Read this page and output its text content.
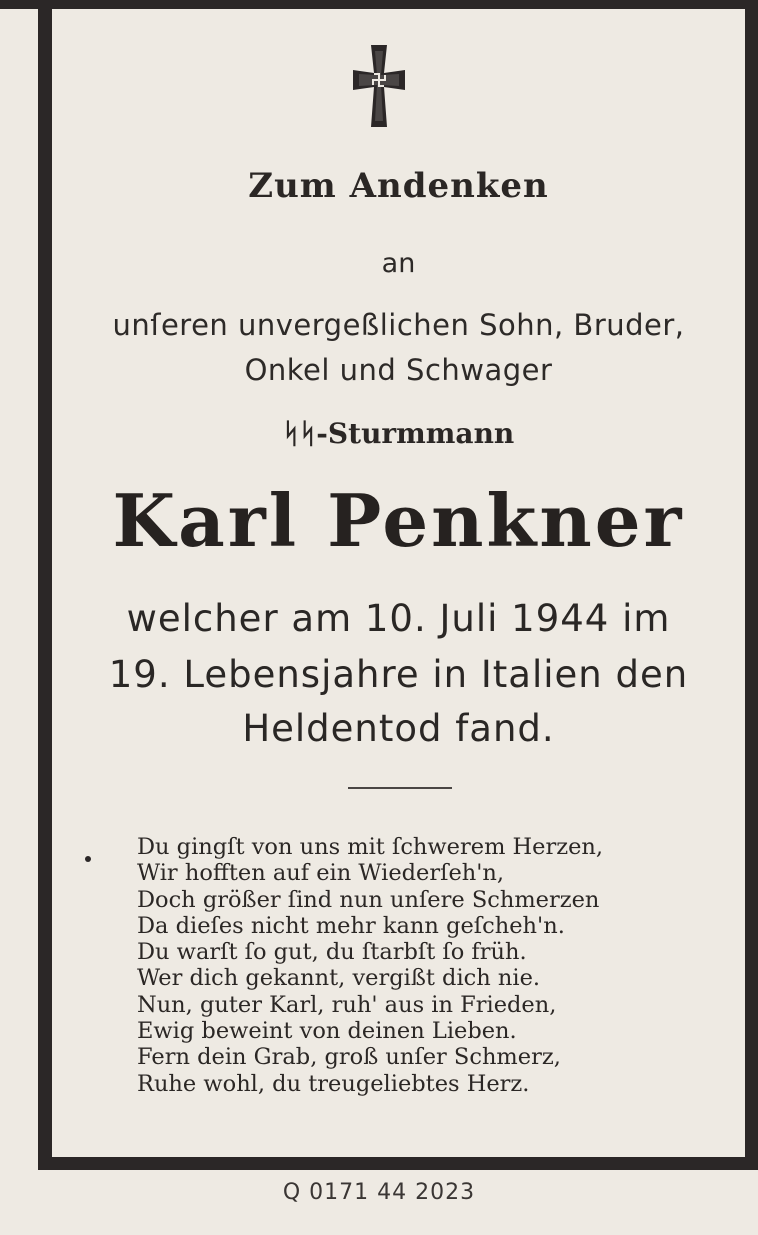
Zum Andenken
an
unſeren unvergeßlichen Sohn, Bruder,
Onkel und Schwager
ᛋᛋ-Sturmmann
Karl Penkner
welcher am 10. Juli 1944 im
19. Lebensjahre in Italien den
Heldentod fand.
Du gingſt von uns mit ſchwerem Herzen,
Wir hofften auf ein Wiederſeh'n,
Doch größer ſind nun unſere Schmerzen
Da dieſes nicht mehr kann geſcheh'n.
Du warſt ſo gut, du ſtarbſt ſo früh.
Wer dich gekannt, vergißt dich nie.
Nun, guter Karl, ruh' aus in Frieden,
Ewig beweint von deinen Lieben.
Fern dein Grab, groß unſer Schmerz,
Ruhe wohl, du treugeliebtes Herz.
Q 0171 44 2023
